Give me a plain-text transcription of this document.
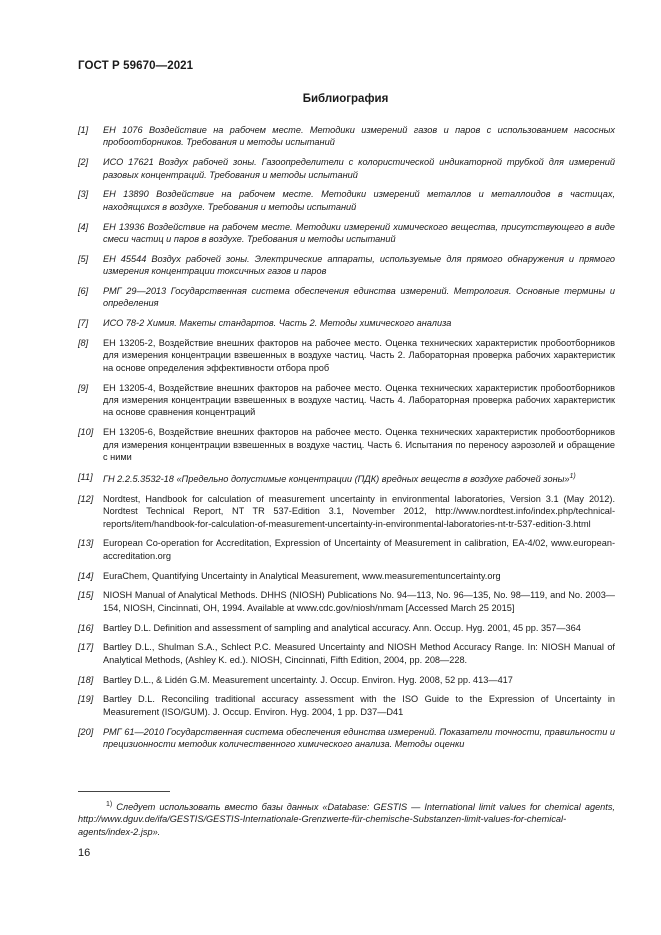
ГОСТ Р 59670—2021
Библиография
[1]	ЕН 1076 Воздействие на рабочем месте. Методики измерений газов и паров с использованием насосных пробоотборников. Требования и методы испытаний
[2]	ИСО 17621 Воздух рабочей зоны. Газоопределители с колористической индикаторной трубкой для измерений разовых концентраций. Требования и методы испытаний
[3]	ЕН 13890 Воздействие на рабочем месте. Методики измерений металлов и металлоидов в частицах, находящихся в воздухе. Требования и методы испытаний
[4]	ЕН 13936 Воздействие на рабочем месте. Методики измерений химического вещества, присутствующего в виде смеси частиц и паров в воздухе. Требования и методы испытаний
[5]	ЕН 45544 Воздух рабочей зоны. Электрические аппараты, используемые для прямого обнаружения и прямого измерения концентрации токсичных газов и паров
[6]	РМГ 29—2013 Государственная система обеспечения единства измерений. Метрология. Основные термины и определения
[7]	ИСО 78-2 Химия. Макеты стандартов. Часть 2. Методы химического анализа
[8]	ЕН 13205-2, Воздействие внешних факторов на рабочее место. Оценка технических характеристик пробоотборников для измерения концентрации взвешенных в воздухе частиц. Часть 2. Лабораторная проверка рабочих характеристик на основе определения эффективности отбора проб
[9]	ЕН 13205-4, Воздействие внешних факторов на рабочее место. Оценка технических характеристик пробоотборников для измерения концентрации взвешенных в воздухе частиц. Часть 4. Лабораторная проверка рабочих характеристик на основе сравнения концентраций
[10]	ЕН 13205-6, Воздействие внешних факторов на рабочее место. Оценка технических характеристик пробоотборников для измерения концентрации взвешенных в воздухе частиц. Часть 6. Испытания по переносу аэрозолей и обращение с ними
[11]	ГН 2.2.5.3532-18 «Предельно допустимые концентрации (ПДК) вредных веществ в воздухе рабочей зоны»$^{1)}$
[12]	Nordtest, Handbook for calculation of measurement uncertainty in environmental laboratories, Version 3.1 (May 2012). Nordtest Technical Report, NT TR 537-Edition 3.1, November 2012, http://www.nordtest.info/index.php/technical-reports/item/handbook-for-calculation-of-measurement-uncertainty-in-environmental-laboratories-nt-tr-537-edition-3.html
[13]	European Co-operation for Accreditation, Expression of Uncertainty of Measurement in calibration, EA-4/02, www.european-accreditation.org
[14]	EuraChem, Quantifying Uncertainty in Analytical Measurement, www.measurementuncertainty.org
[15]	NIOSH Manual of Analytical Methods. DHHS (NIOSH) Publications No. 94—113, No. 96—135, No. 98—119, and No. 2003—154, NIOSH, Cincinnati, OH, 1994. Available at www.cdc.gov/niosh/nmam [Accessed March 25 2015]
[16]	Bartley D.L. Definition and assessment of sampling and analytical accuracy. Ann. Occup. Hyg. 2001, 45 pp. 357—364
[17]	Bartley D.L., Shulman S.A., Schlect P.C. Measured Uncertainty and NIOSH Method Accuracy Range. In: NIOSH Manual of Analytical Methods, (Ashley K. ed.). NIOSH, Cincinnati, Fifth Edition, 2004, pp. 208—228.
[18]	Bartley D.L., & Lidén G.M. Measurement uncertainty. J. Occup. Environ. Hyg. 2008, 52 pp. 413—417
[19]	Bartley D.L. Reconciling traditional accuracy assessment with the ISO Guide to the Expression of Uncertainty in Measurement (ISO/GUM). J. Occup. Environ. Hyg. 2004, 1 pp. D37—D41
[20]	РМГ 61—2010 Государственная система обеспечения единства измерений. Показатели точности, правильности и прецизионности методик количественного химического анализа. Методы оценки
$^{1)}$ Следует использовать вместо базы данных «Database: GESTIS — International limit values for chemical agents, http://www.dguv.de/ifa/GESTIS/GESTIS-Internationale-Grenzwerte-für-chemische-Substanzen-limit-values-for-chemical-agents/index-2.jsp».
16
